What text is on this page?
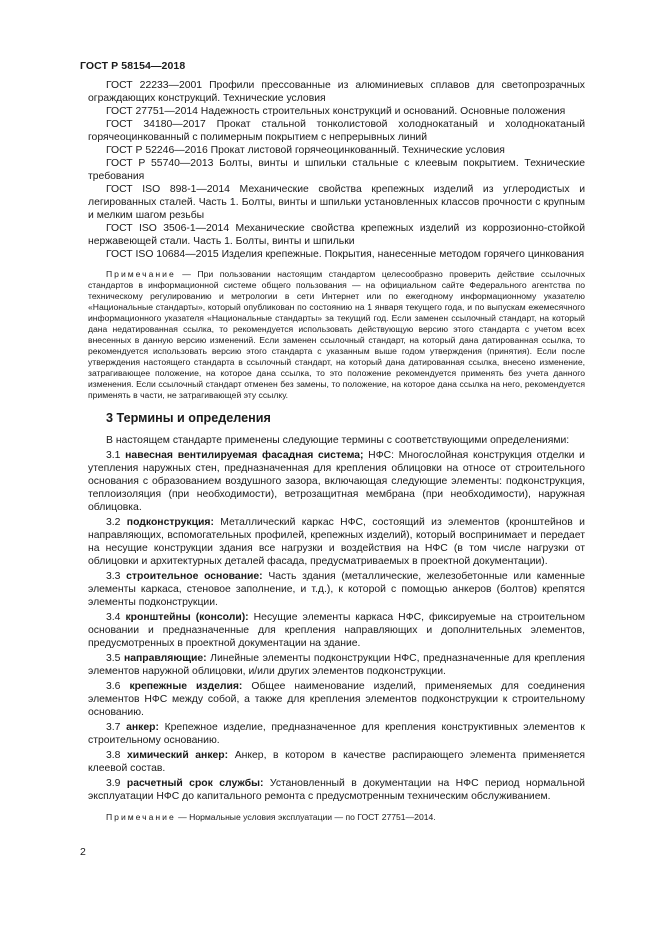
ГОСТ Р 58154—2018

ГОСТ 22233—2001 Профили прессованные из алюминиевых сплавов для светопрозрачных ограждающих конструкций. Технические условия

ГОСТ 27751—2014 Надежность строительных конструкций и оснований. Основные положения

ГОСТ 34180—2017 Прокат стальной тонколистовой холоднокатаный и холоднокатаный горячеоцинкованный с полимерным покрытием с непрерывных линий

ГОСТ Р 52246—2016 Прокат листовой горячеоцинкованный. Технические условия

ГОСТ Р 55740—2013 Болты, винты и шпильки стальные с клеевым покрытием. Технические требования

ГОСТ ISO 898-1—2014 Механические свойства крепежных изделий из углеродистых и легированных сталей. Часть 1. Болты, винты и шпильки установленных классов прочности с крупным и мелким шагом резьбы

ГОСТ ISO 3506-1—2014 Механические свойства крепежных изделий из коррозионно-стойкой нержавеющей стали. Часть 1. Болты, винты и шпильки

ГОСТ ISO 10684—2015 Изделия крепежные. Покрытия, нанесенные методом горячего цинкования

Примечание — При пользовании настоящим стандартом целесообразно проверить действие ссылочных стандартов в информационной системе общего пользования — на официальном сайте Федерального агентства по техническому регулированию и метрологии в сети Интернет или по ежегодному информационному указателю «Национальные стандарты», который опубликован по состоянию на 1 января текущего года, и по выпускам ежемесячного информационного указателя «Национальные стандарты» за текущий год. Если заменен ссылочный стандарт, на который дана недатированная ссылка, то рекомендуется использовать действующую версию этого стандарта с учетом всех внесенных в данную версию изменений. Если заменен ссылочный стандарт, на который дана датированная ссылка, то рекомендуется использовать версию этого стандарта с указанным выше годом утверждения (принятия). Если после утверждения настоящего стандарта в ссылочный стандарт, на который дана датированная ссылка, внесено изменение, затрагивающее положение, на которое дана ссылка, то это положение рекомендуется применять без учета данного изменения. Если ссылочный стандарт отменен без замены, то положение, на которое дана ссылка на него, рекомендуется применять в части, не затрагивающей эту ссылку.
3 Термины и определения

В настоящем стандарте применены следующие термины с соответствующими определениями:

3.1 навесная вентилируемая фасадная система; НФС: Многослойная конструкция отделки и утепления наружных стен, предназначенная для крепления облицовки на относе от строительного основания с образованием воздушного зазора, включающая следующие элементы: подконструкция, теплоизоляция (при необходимости), ветрозащитная мембрана (при необходимости), наружная облицовка.

3.2 подконструкция: Металлический каркас НФС, состоящий из элементов (кронштейнов и направляющих, вспомогательных профилей, крепежных изделий), который воспринимает и передает на несущие конструкции здания все нагрузки и воздействия на НФС (в том числе нагрузки от облицовки и архитектурных деталей фасада, предусматриваемых в проектной документации).

3.3 строительное основание: Часть здания (металлические, железобетонные или каменные элементы каркаса, стеновое заполнение, и т.д.), к которой с помощью анкеров (болтов) крепятся элементы подконструкции.

3.4 кронштейны (консоли): Несущие элементы каркаса НФС, фиксируемые на строительном основании и предназначенные для крепления направляющих и дополнительных элементов, предусмотренных в проектной документации на здание.

3.5 направляющие: Линейные элементы подконструкции НФС, предназначенные для крепления элементов наружной облицовки, и/или других элементов подконструкции.

3.6 крепежные изделия: Общее наименование изделий, применяемых для соединения элементов НФС между собой, а также для крепления элементов подконструкции к строительному основанию.

3.7 анкер: Крепежное изделие, предназначенное для крепления конструктивных элементов к строительному основанию.

3.8 химический анкер: Анкер, в котором в качестве распирающего элемента применяется клеевой состав.

3.9 расчетный срок службы: Установленный в документации на НФС период нормальной эксплуатации НФС до капитального ремонта с предусмотренным техническим обслуживанием.

Примечание — Нормальные условия эксплуатации — по ГОСТ 27751—2014.
2
